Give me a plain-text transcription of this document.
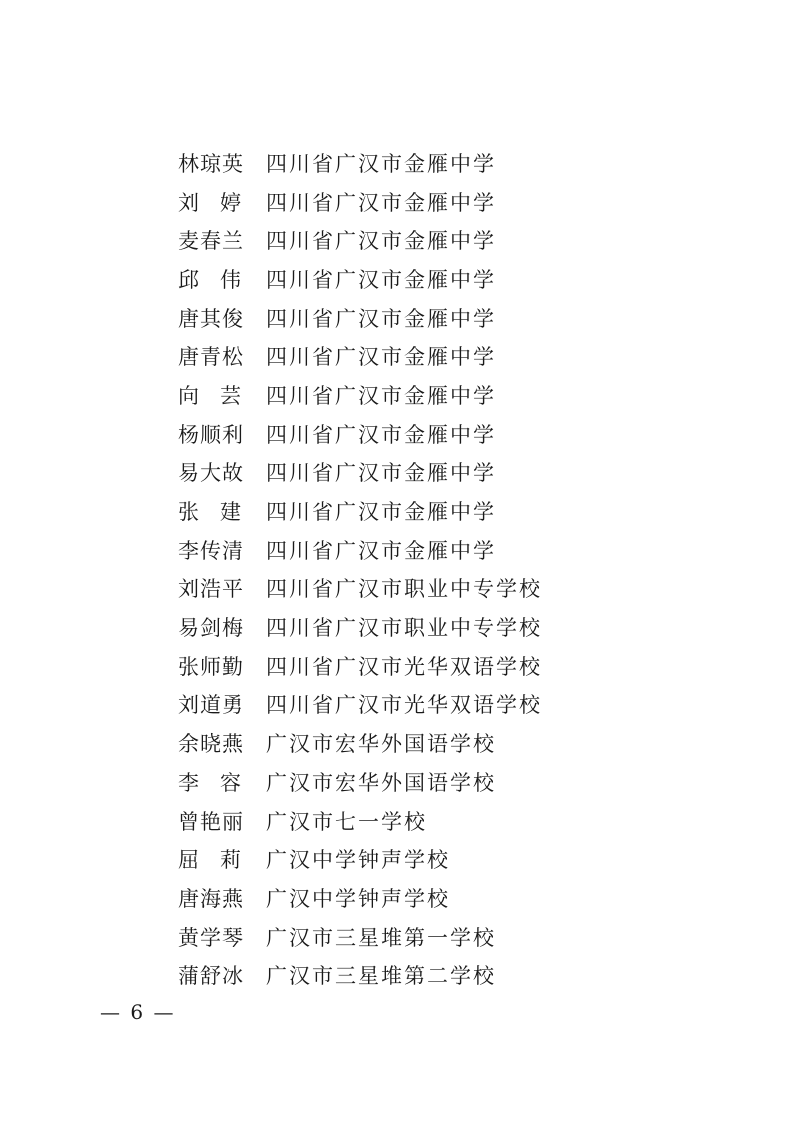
林琼英	四川省广汉市金雁中学
刘 婷 四川省广汉市金雁中学
麦春兰	四川省广汉市金雁中学
邱 伟 四川省广汉市金雁中学
唐其俊	四川省广汉市金雁中学
唐青松	四川省广汉市金雁中学
向 芸 四川省广汉市金雁中学
杨顺利	四川省广汉市金雁中学
易大故	四川省广汉市金雁中学
张 建 四川省广汉市金雁中学
李传清	四川省广汉市金雁中学
刘浩平	四川省广汉市职业中专学校
易剑梅	四川省广汉市职业中专学校
张师勤	四川省广汉市光华双语学校
刘道勇	四川省广汉市光华双语学校
余晓燕	广汉市宏华外国语学校
李 容 广汉市宏华外国语学校
曾艳丽	广汉市七一学校
屈 莉 广汉中学钟声学校
唐海燕	广汉中学钟声学校
黄学琴	广汉市三星堆第一学校
蒲舒冰	广汉市三星堆第二学校
— 6 —
